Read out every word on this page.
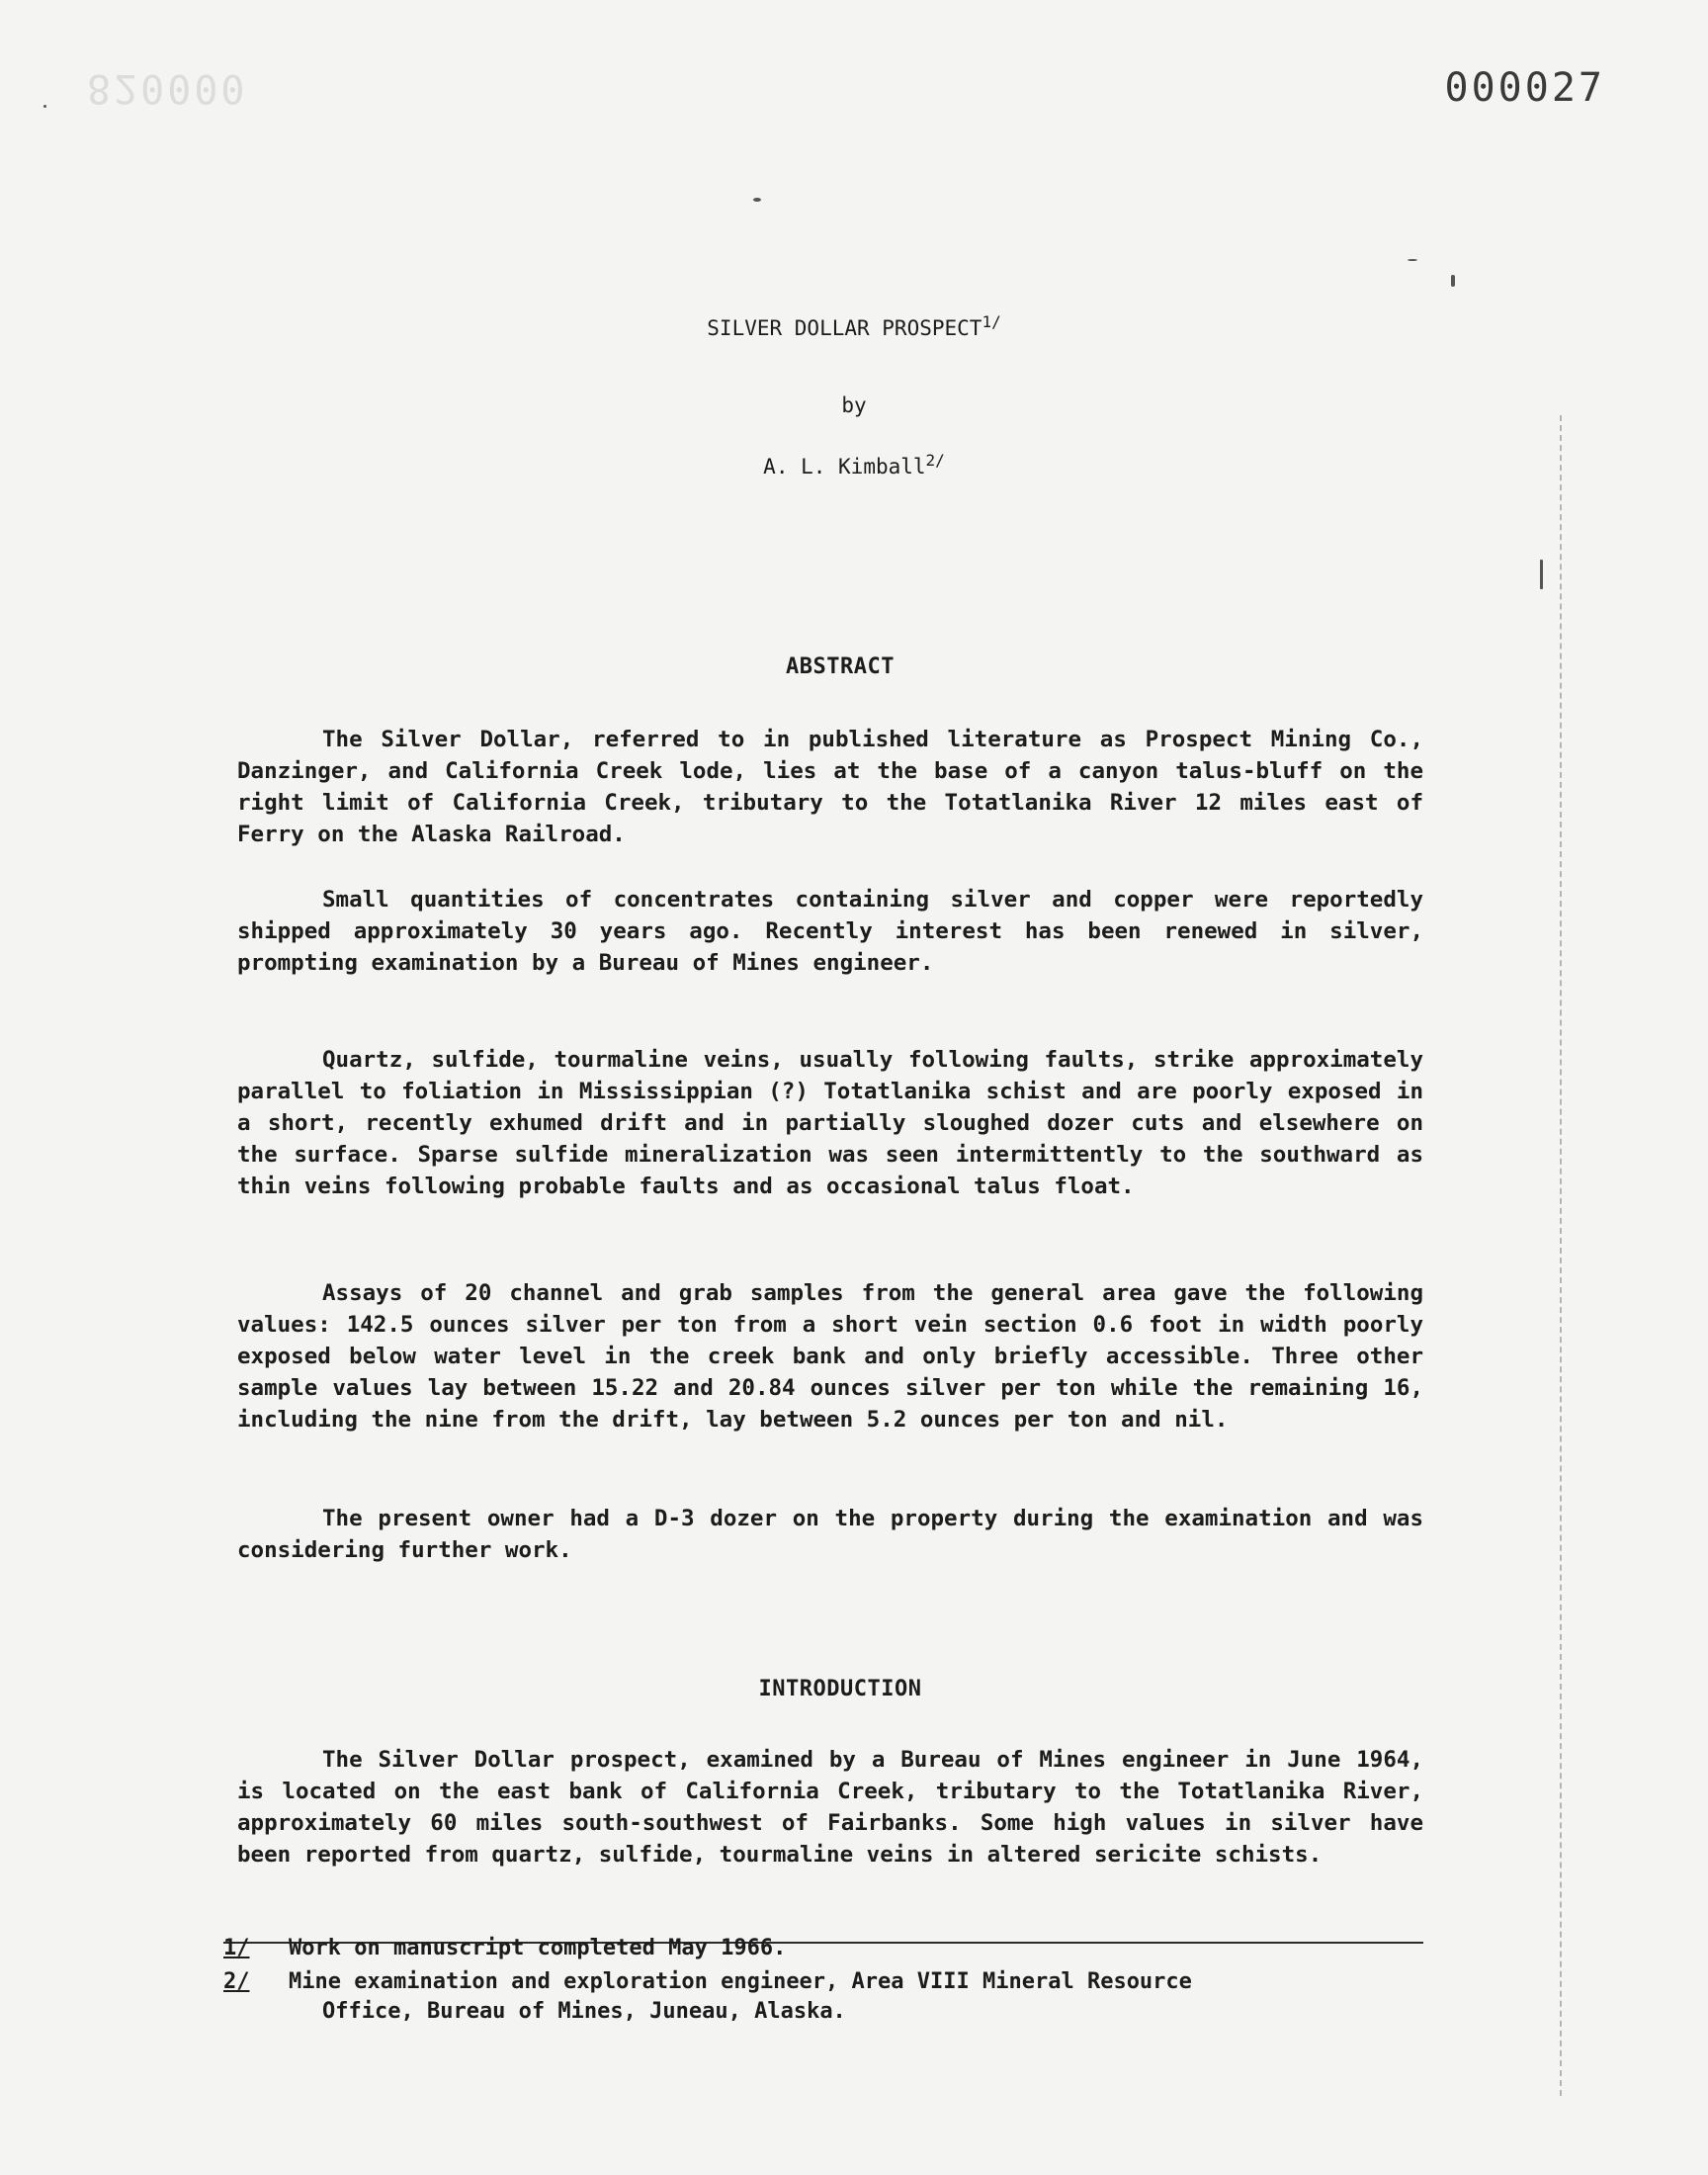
820000	000027
SILVER DOLLAR $PROSPECT^{1/}$
by
A. L. Kimball$^{2/}$
ABSTRACT
The Silver Dollar, referred to in published literature as Prospect Mining Co., Danzinger, and California Creek lode, lies at the base of a canyon talus-bluff on the right limit of California Creek, tributary to the Totatlanika River 12 miles east of Ferry on the Alaska Railroad.
Small quantities of concentrates containing silver and copper were reportedly shipped approximately 30 years ago. Recently interest has been renewed in silver, prompting examination by a Bureau of Mines engineer.
Quartz, sulfide, tourmaline veins, usually following faults, strike approximately parallel to foliation in Mississippian (?) Totatlanika schist and are poorly exposed in a short, recently exhumed drift and in partially sloughed dozer cuts and elsewhere on the surface. Sparse sulfide mineralization was seen intermittently to the southward as thin veins following probable faults and as occasional talus float.
Assays of 20 channel and grab samples from the general area gave the following values: 142.5 ounces silver per ton from a short vein section 0.6 foot in width poorly exposed below water level in the creek bank and only briefly accessible. Three other sample values lay between 15.22 and 20.84 ounces silver per ton while the remaining 16, including the nine from the drift, lay between 5.2 ounces per ton and nil.
The present owner had a D-3 dozer on the property during the examination and was considering further work.
INTRODUCTION
The Silver Dollar prospect, examined by a Bureau of Mines engineer in June 1964, is located on the east bank of California Creek, tributary to the Totatlanika River, approximately 60 miles south-southwest of Fairbanks. Some high values in silver have been reported from quartz, sulfide, tourmaline veins in altered sericite schists.
1/ Work on manuscript completed May 1966.
2/ Mine examination and exploration engineer, Area VIII Mineral Resource
Office, Bureau of Mines, Juneau, Alaska.
